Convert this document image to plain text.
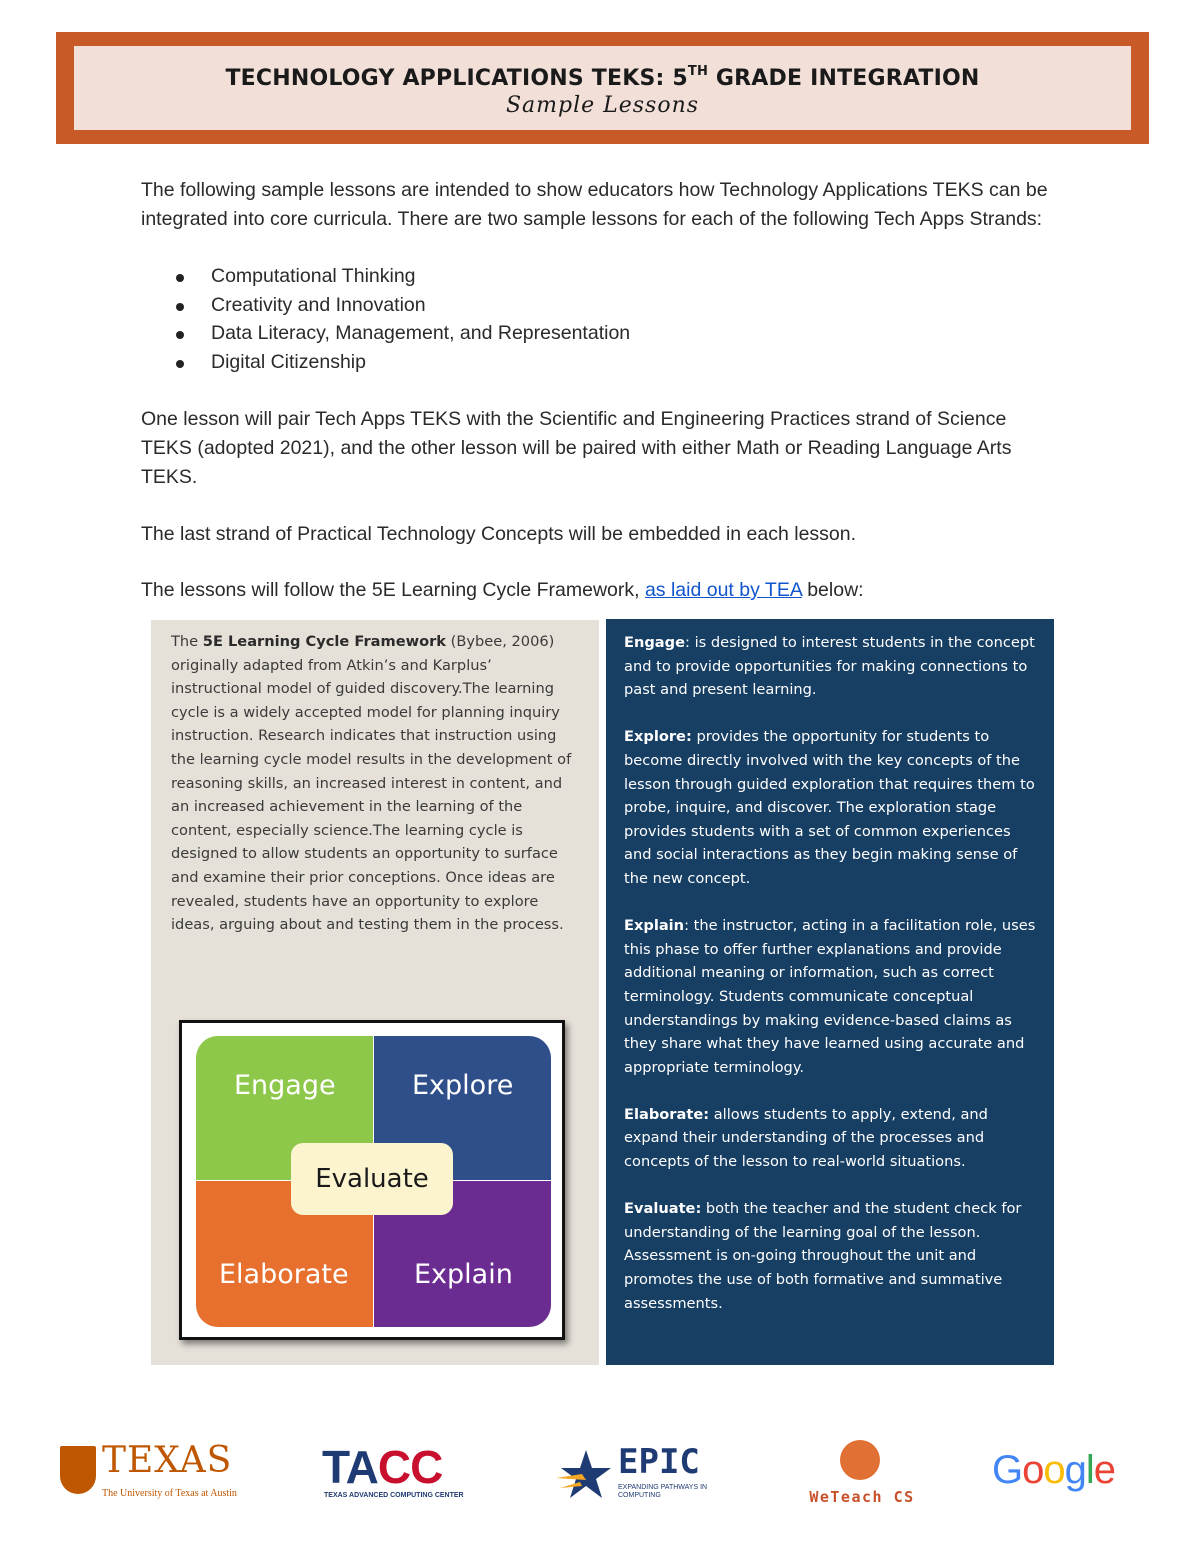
TECHNOLOGY APPLICATIONS TEKS: 5TH GRADE INTEGRATION
Sample Lessons

The following sample lessons are intended to show educators how Technology Applications TEKS can be integrated into core curricula. There are two sample lessons for each of the following Tech Apps Strands:

Computational Thinking
Creativity and Innovation
Data Literacy, Management, and Representation
Digital Citizenship

One lesson will pair Tech Apps TEKS with the Scientific and Engineering Practices strand of Science TEKS (adopted 2021), and the other lesson will be paired with either Math or Reading Language Arts TEKS.

The last strand of Practical Technology Concepts will be embedded in each lesson.

The lessons will follow the 5E Learning Cycle Framework, as laid out by TEA below:

The 5E Learning Cycle Framework (Bybee, 2006) originally adapted from Atkin’s and Karplus’ instructional model of guided discovery.The learning cycle is a widely accepted model for planning inquiry instruction. Research indicates that instruction using the learning cycle model results in the development of reasoning skills, an increased interest in content, and an increased achievement in the learning of the content, especially science.The learning cycle is designed to allow students an opportunity to surface and examine their prior conceptions. Once ideas are revealed, students have an opportunity to explore ideas, arguing about and testing them in the process.

Engage	Explore
Elaborate Explain
Evaluate

Engage: is designed to interest students in the concept and to provide opportunities for making connections to past and present learning.

Explore: provides the opportunity for students to become directly involved with the key concepts of the lesson through guided exploration that requires them to probe, inquire, and discover. The exploration stage provides students with a set of common experiences and social interactions as they begin making sense of the new concept.

Explain: the instructor, acting in a facilitation role, uses this phase to offer further explanations and provide additional meaning or information, such as correct terminology. Students communicate conceptual understandings by making evidence-based claims as they share what they have learned using accurate and appropriate terminology.

Elaborate: allows students to apply, extend, and expand their understanding of the processes and concepts of the lesson to real-world situations.

Evaluate: both the teacher and the student check for understanding of the learning goal of the lesson. Assessment is on-going throughout the unit and promotes the use of both formative and summative assessments.

TEXAS
The University of Texas at Austin
TACC
TEXAS ADVANCED COMPUTING CENTER
EPIC
EXPANDING PATHWAYS IN COMPUTING	WeTeach CS
Google
